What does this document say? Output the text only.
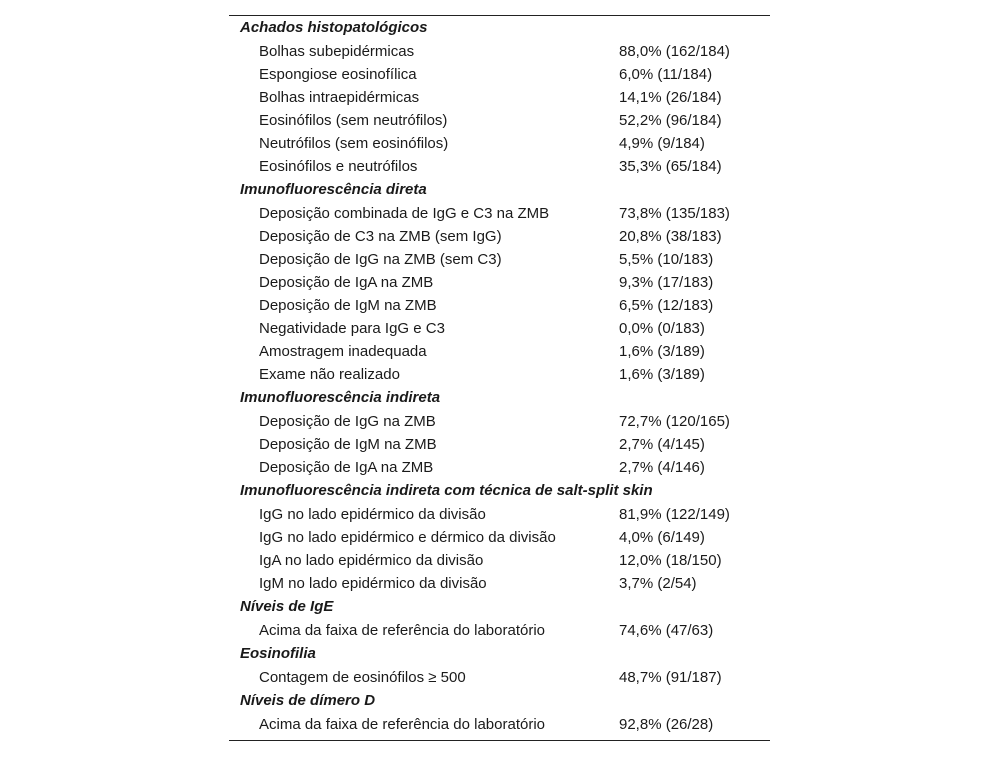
Achados histopatológicos
Bolhas subepidérmicas	88,0% (162/184)
Espongiose eosinofílica	6,0% (11/184)
Bolhas intraepidérmicas	14,1% (26/184)
Eosinófilos (sem neutrófilos)	52,2% (96/184)
Neutrófilos (sem eosinófilos)	4,9% (9/184)
Eosinófilos e neutrófilos	35,3% (65/184)
Imunofluorescência direta
Deposição combinada de IgG e C3 na ZMB	73,8% (135/183)
Deposição de C3 na ZMB (sem IgG)	20,8% (38/183)
Deposição de IgG na ZMB (sem C3)	5,5% (10/183)
Deposição de IgA na ZMB	9,3% (17/183)
Deposição de IgM na ZMB	6,5% (12/183)
Negatividade para IgG e C3	0,0% (0/183)
Amostragem inadequada	1,6% (3/189)
Exame não realizado	1,6% (3/189)
Imunofluorescência indireta
Deposição de IgG na ZMB	72,7% (120/165)
Deposição de IgM na ZMB	2,7% (4/145)
Deposição de IgA na ZMB	2,7% (4/146)
Imunofluorescência indireta com técnica de salt-split skin
IgG no lado epidérmico da divisão	81,9% (122/149)
IgG no lado epidérmico e dérmico da divisão	4,0% (6/149)
IgA no lado epidérmico da divisão	12,0% (18/150)
IgM no lado epidérmico da divisão	3,7% (2/54)
Níveis de IgE
Acima da faixa de referência do laboratório	74,6% (47/63)
Eosinofilia
Contagem de eosinófilos ≥ 500	48,7% (91/187)
Níveis de dímero D
Acima da faixa de referência do laboratório	92,8% (26/28)
